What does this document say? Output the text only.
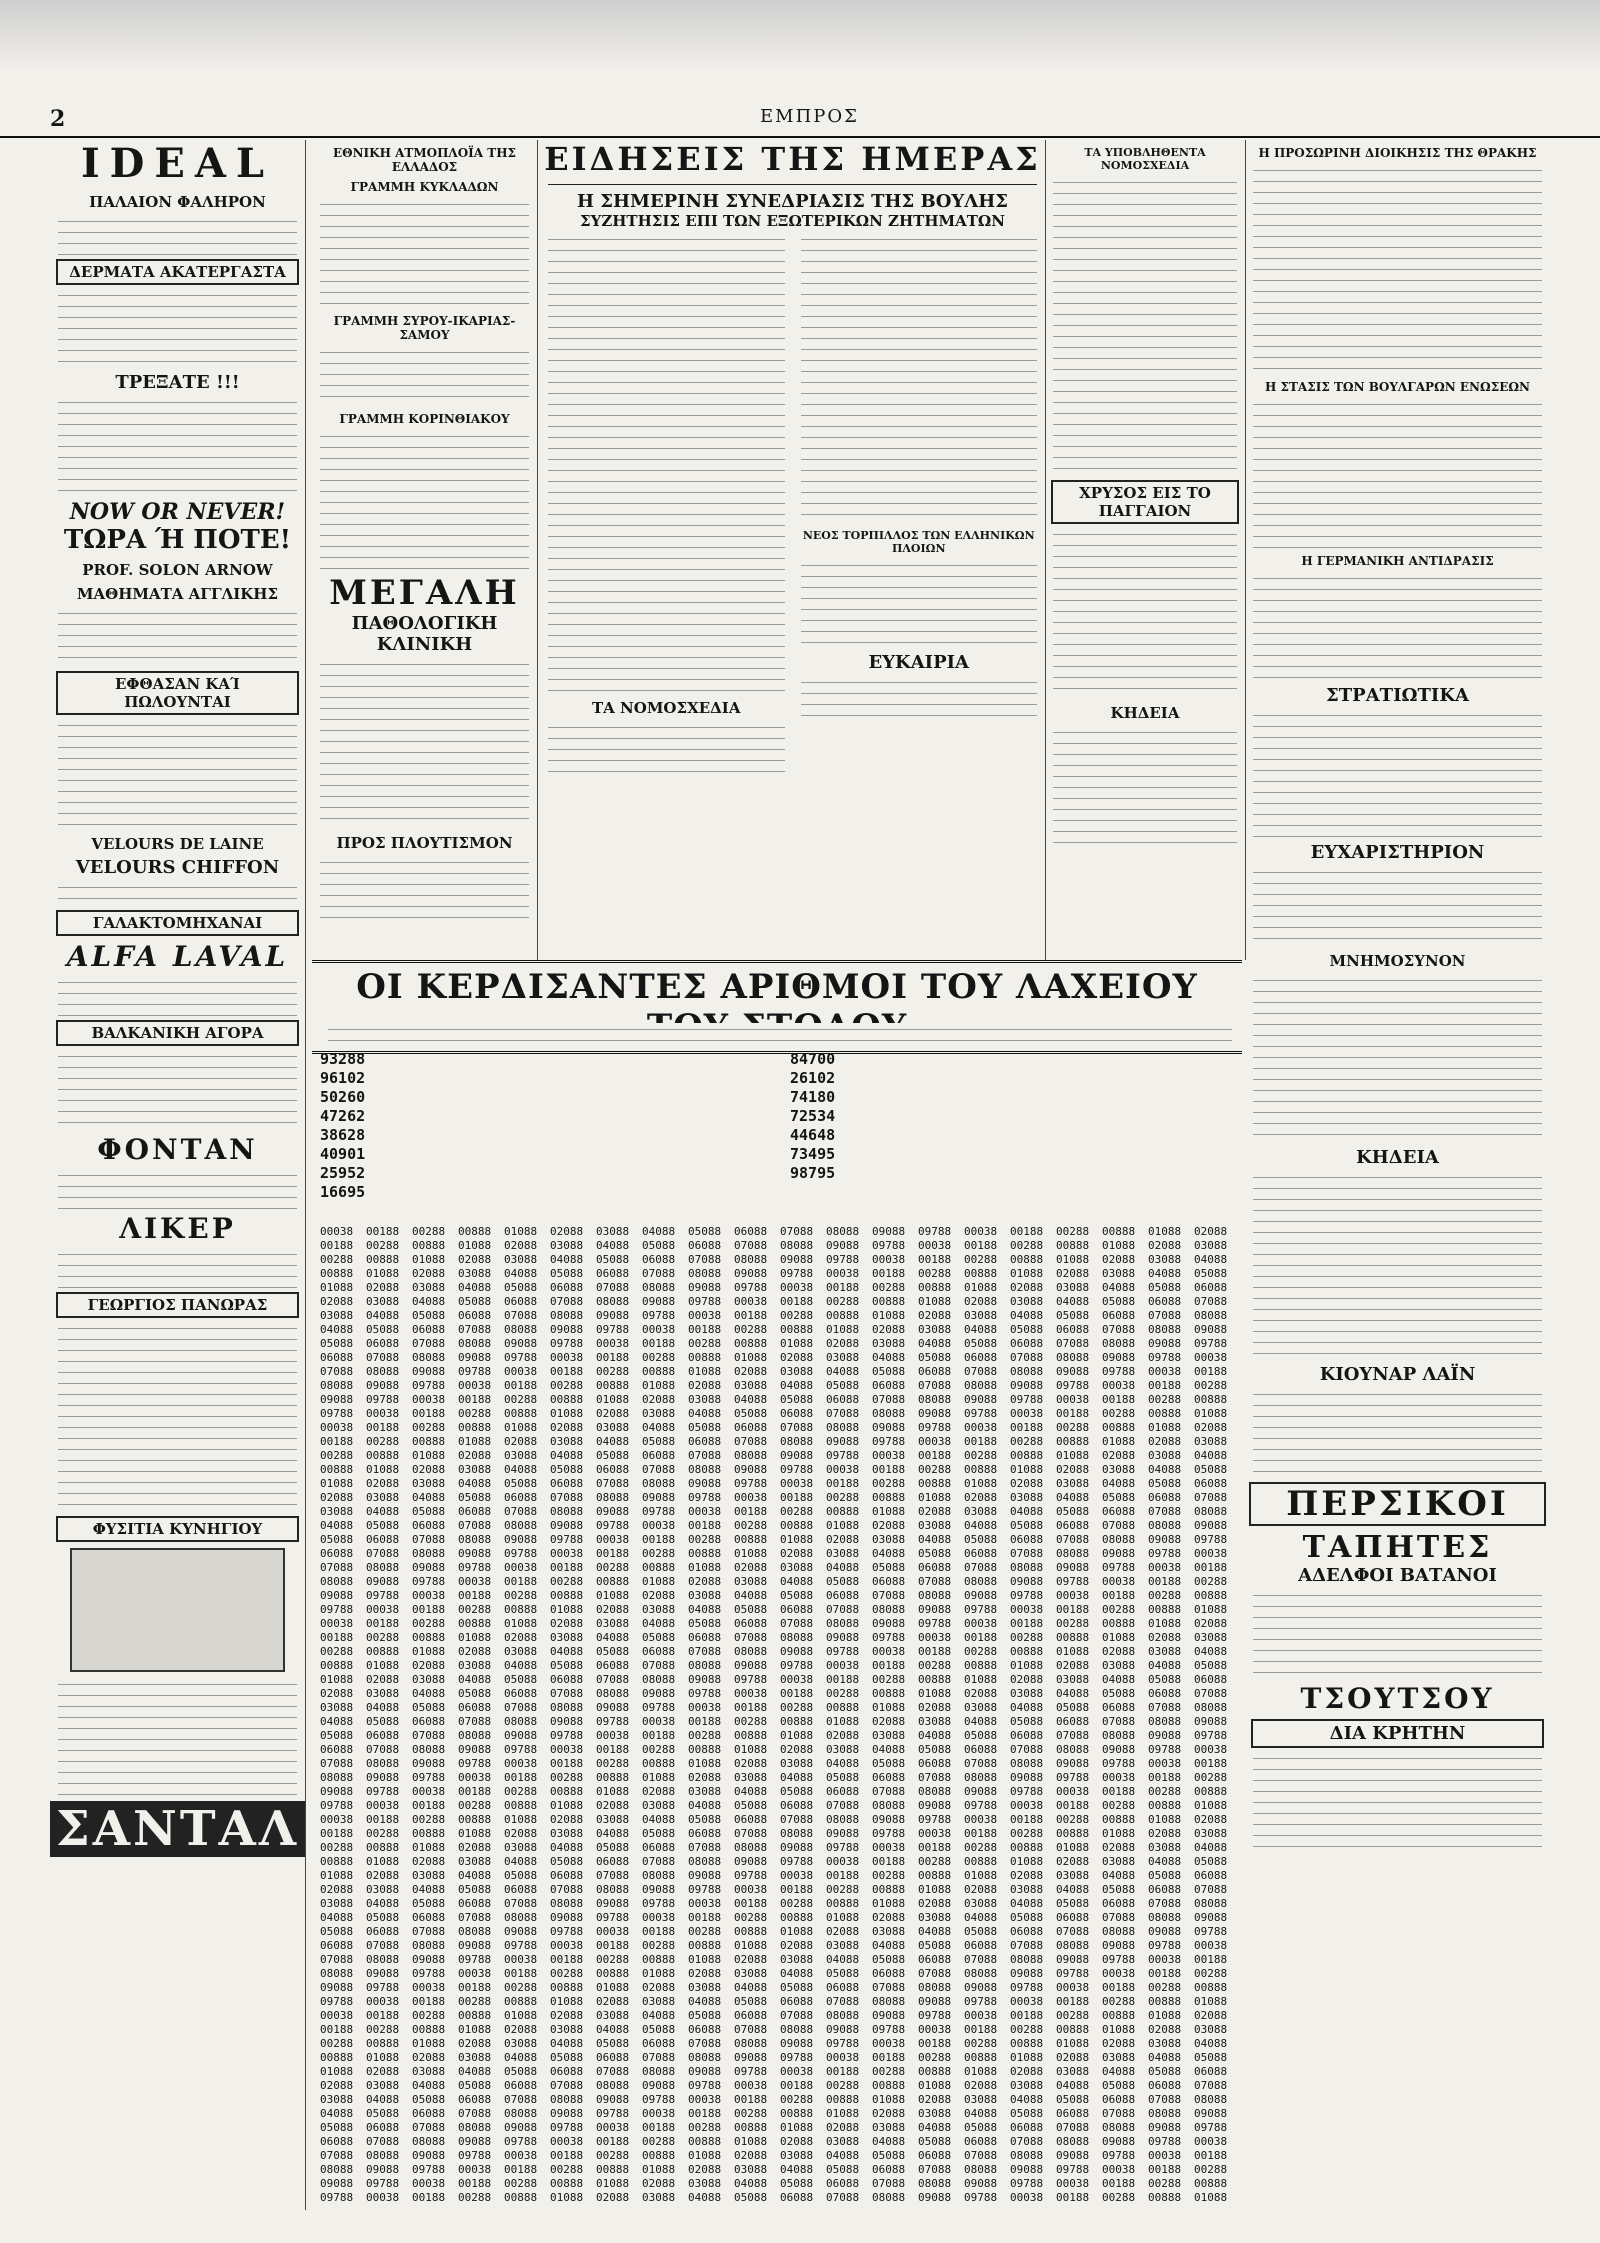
2	ΕΜΠΡΟΣ
IDEAL
ΠΑΛΑΙΟΝ ΦΑΛΗΡΟΝ
ΔΕΡΜΑΤΑ ΑΚΑΤΕΡΓΑΣΤΑ
ΤΡΕΞΑΤΕ !!!
NOW OR NEVER!
ΤΩΡΑ Ή ΠΟΤΕ!
PROF. SOLON ARNOW
ΜΑΘΗΜΑΤΑ ΑΓΓΛΙΚΗΣ
ΕΦΘΑΣΑΝ ΚΑΊ ΠΩΛΟΥΝΤΑΙ
VELOURS DE LAINE
VELOURS CHIFFON
ΓΑΛΑΚΤΟΜΗΧΑΝΑΙ
ALFA LAVAL
ΒΑΛΚΑΝΙΚΗ ΑΓΟΡΑ
ΦΟΝΤΑΝ
ΛΙΚΕΡ
ΓΕΩΡΓΙΟΣ ΠΑΝΩΡΑΣ
ΦΥΣΙΤΙΑ ΚΥΝΗΓΙΟΥ
ΣΑΝΤΑΛ
ΕΘΝΙΚΗ ΑΤΜΟΠΛΟΪΑ ΤΗΣ ΕΛΛΑΔΟΣ
ΓΡΑΜΜΗ ΚΥΚΛΑΔΩΝ
ΓΡΑΜΜΗ ΣΥΡΟΥ-ΙΚΑΡΙΑΣ-ΣΑΜΟΥ
ΓΡΑΜΜΗ ΚΟΡΙΝΘΙΑΚΟΥ
ΜΕΓΑΛΗ
ΠΑΘΟΛΟΓΙΚΗ ΚΛΙΝΙΚΗ
ΠΡΟΣ ΠΛΟΥΤΙΣΜΟΝ
ΕΙΔΗΣΕΙΣ ΤΗΣ ΗΜΕΡΑΣ
Η ΣΗΜΕΡΙΝΗ ΣΥΝΕΔΡΙΑΣΙΣ ΤΗΣ ΒΟΥΛΗΣ
ΣΥΖΗΤΗΣΙΣ ΕΠΙ ΤΩΝ ΕΞΩΤΕΡΙΚΩΝ ΖΗΤΗΜΑΤΩΝ
ΤΑ ΝΟΜΟΣΧΕΔΙΑ
ΝΕΟΣ ΤΟΡΠΙΛΛΟΣ ΤΩΝ ΕΛΛΗΝΙΚΩΝ ΠΛΟΙΩΝ
ΕΥΚΑΙΡΙΑ
ΤΑ ΥΠΟΒΛΗΘΕΝΤΑ ΝΟΜΟΣΧΕΔΙΑ
ΧΡΥΣΟΣ ΕΙΣ ΤΟ ΠΑΓΓΑΙΟΝ
ΚΗΔΕΙΑ
Η ΠΡΟΣΩΡΙΝΗ ΔΙΟΙΚΗΣΙΣ ΤΗΣ ΘΡΑΚΗΣ
Η ΣΤΑΣΙΣ ΤΩΝ ΒΟΥΛΓΑΡΩΝ ΕΝΩΣΕΩΝ
Η ΓΕΡΜΑΝΙΚΗ ΑΝΤΙΔΡΑΣΙΣ
ΣΤΡΑΤΙΩΤΙΚΑ
ΕΥΧΑΡΙΣΤΗΡΙΟΝ
ΜΝΗΜΟΣΥΝΟΝ
ΚΗΔΕΙΑ
ΚΙΟΥΝΑΡ ΛΑΪΝ
ΠΕΡΣΙΚΟΙ
ΤΑΠΗΤΕΣ
ΑΔΕΛΦΟΙ ΒΑΤΑΝΟΙ
ΤΣΟΥΤΣΟΥ
ΔΙΑ ΚΡΗΤΗΝ
ΟΙ ΚΕΡΔΙΣΑΝΤΕΣ ΑΡΙΘΜΟΙ ΤΟΥ ΛΑΧΕΙΟΥ
93288
96102
50260
47262
38628
40901
25952
16695
84700
26102
74180
72534
44648
73495
98795
00038
00188
00288
00888
01088
02088
03088
04088
05088
06088
07088
08088
09088
09788
00038
00188
00288
00888
01088
02088
03088
04088
05088
06088
07088
08088
09088
09788
00038
00188
00288
00888
01088
02088
03088
04088
05088
06088
07088
08088
09088
09788
00038
00188
00288
00888
01088
02088
03088
04088
05088
06088
07088
08088
09088
09788
00038
00188
00288
00888
01088
02088
03088
04088
05088
06088
07088
08088
09088
09788
00188
00288
00888
01088
02088
03088
04088
05088
06088
07088
08088
09088
09788
00038
00188
00288
00888
01088
02088
03088
04088
05088
06088
07088
08088
09088
09788
00038
00188
00288
00888
01088
02088
03088
04088
05088
06088
07088
08088
09088
09788
00038
00188
00288
00888
01088
02088
03088
04088
05088
06088
07088
08088
09088
09788
00038
00188
00288
00888
01088
02088
03088
04088
05088
06088
07088
08088
09088
09788
00038
00288
00888
01088
02088
03088
04088
05088
06088
07088
08088
09088
09788
00038
00188
00288
00888
01088
02088
03088
04088
05088
06088
07088
08088
09088
09788
00038
00188
00288
00888
01088
02088
03088
04088
05088
06088
07088
08088
09088
09788
00038
00188
00288
00888
01088
02088
03088
04088
05088
06088
07088
08088
09088
09788
00038
00188
00288
00888
01088
02088
03088
04088
05088
06088
07088
08088
09088
09788
00038
00188
00888
01088
02088
03088
04088
05088
06088
07088
08088
09088
09788
00038
00188
00288
00888
01088
02088
03088
04088
05088
06088
07088
08088
09088
09788
00038
00188
00288
00888
01088
02088
03088
04088
05088
06088
07088
08088
09088
09788
00038
00188
00288
00888
01088
02088
03088
04088
05088
06088
07088
08088
09088
09788
00038
00188
00288
00888
01088
02088
03088
04088
05088
06088
07088
08088
09088
09788
00038
00188
00288
01088
02088
03088
04088
05088
06088
07088
08088
09088
09788
00038
00188
00288
00888
01088
02088
03088
04088
05088
06088
07088
08088
09088
09788
00038
00188
00288
00888
01088
02088
03088
04088
05088
06088
07088
08088
09088
09788
00038
00188
00288
00888
01088
02088
03088
04088
05088
06088
07088
08088
09088
09788
00038
00188
00288
00888
01088
02088
03088
04088
05088
06088
07088
08088
09088
09788
00038
00188
00288
00888
02088
03088
04088
05088
06088
07088
08088
09088
09788
00038
00188
00288
00888
01088
02088
03088
04088
05088
06088
07088
08088
09088
09788
00038
00188
00288
00888
01088
02088
03088
04088
05088
06088
07088
08088
09088
09788
00038
00188
00288
00888
01088
02088
03088
04088
05088
06088
07088
08088
09088
09788
00038
00188
00288
00888
01088
02088
03088
04088
05088
06088
07088
08088
09088
09788
00038
00188
00288
00888
01088
03088
04088
05088
06088
07088
08088
09088
09788
00038
00188
00288
00888
01088
02088
03088
04088
05088
06088
07088
08088
09088
09788
00038
00188
00288
00888
01088
02088
03088
04088
05088
06088
07088
08088
09088
09788
00038
00188
00288
00888
01088
02088
03088
04088
05088
06088
07088
08088
09088
09788
00038
00188
00288
00888
01088
02088
03088
04088
05088
06088
07088
08088
09088
09788
00038
00188
00288
00888
01088
02088
04088
05088
06088
07088
08088
09088
09788
00038
00188
00288
00888
01088
02088
03088
04088
05088
06088
07088
08088
09088
09788
00038
00188
00288
00888
01088
02088
03088
04088
05088
06088
07088
08088
09088
09788
00038
00188
00288
00888
01088
02088
03088
04088
05088
06088
07088
08088
09088
09788
00038
00188
00288
00888
01088
02088
03088
04088
05088
06088
07088
08088
09088
09788
00038
00188
00288
00888
01088
02088
03088
05088
06088
07088
08088
09088
09788
00038
00188
00288
00888
01088
02088
03088
04088
05088
06088
07088
08088
09088
09788
00038
00188
00288
00888
01088
02088
03088
04088
05088
06088
07088
08088
09088
09788
00038
00188
00288
00888
01088
02088
03088
04088
05088
06088
07088
08088
09088
09788
00038
00188
00288
00888
01088
02088
03088
04088
05088
06088
07088
08088
09088
09788
00038
00188
00288
00888
01088
02088
03088
04088
06088
07088
08088
09088
09788
00038
00188
00288
00888
01088
02088
03088
04088
05088
06088
07088
08088
09088
09788
00038
00188
00288
00888
01088
02088
03088
04088
05088
06088
07088
08088
09088
09788
00038
00188
00288
00888
01088
02088
03088
04088
05088
06088
07088
08088
09088
09788
00038
00188
00288
00888
01088
02088
03088
04088
05088
06088
07088
08088
09088
09788
00038
00188
00288
00888
01088
02088
03088
04088
05088
07088
08088
09088
09788
00038
00188
00288
00888
01088
02088
03088
04088
05088
06088
07088
08088
09088
09788
00038
00188
00288
00888
01088
02088
03088
04088
05088
06088
07088
08088
09088
09788
00038
00188
00288
00888
01088
02088
03088
04088
05088
06088
07088
08088
09088
09788
00038
00188
00288
00888
01088
02088
03088
04088
05088
06088
07088
08088
09088
09788
00038
00188
00288
00888
01088
02088
03088
04088
05088
06088
08088
09088
09788
00038
00188
00288
00888
01088
02088
03088
04088
05088
06088
07088
08088
09088
09788
00038
00188
00288
00888
01088
02088
03088
04088
05088
06088
07088
08088
09088
09788
00038
00188
00288
00888
01088
02088
03088
04088
05088
06088
07088
08088
09088
09788
00038
00188
00288
00888
01088
02088
03088
04088
05088
06088
07088
08088
09088
09788
00038
00188
00288
00888
01088
02088
03088
04088
05088
06088
07088
09088
09788
00038
00188
00288
00888
01088
02088
03088
04088
05088
06088
07088
08088
09088
09788
00038
00188
00288
00888
01088
02088
03088
04088
05088
06088
07088
08088
09088
09788
00038
00188
00288
00888
01088
02088
03088
04088
05088
06088
07088
08088
09088
09788
00038
00188
00288
00888
01088
02088
03088
04088
05088
06088
07088
08088
09088
09788
00038
00188
00288
00888
01088
02088
03088
04088
05088
06088
07088
08088
09788
00038
00188
00288
00888
01088
02088
03088
04088
05088
06088
07088
08088
09088
09788
00038
00188
00288
00888
01088
02088
03088
04088
05088
06088
07088
08088
09088
09788
00038
00188
00288
00888
01088
02088
03088
04088
05088
06088
07088
08088
09088
09788
00038
00188
00288
00888
01088
02088
03088
04088
05088
06088
07088
08088
09088
09788
00038
00188
00288
00888
01088
02088
03088
04088
05088
06088
07088
08088
09088
00038
00188
00288
00888
01088
02088
03088
04088
05088
06088
07088
08088
09088
09788
00038
00188
00288
00888
01088
02088
03088
04088
05088
06088
07088
08088
09088
09788
00038
00188
00288
00888
01088
02088
03088
04088
05088
06088
07088
08088
09088
09788
00038
00188
00288
00888
01088
02088
03088
04088
05088
06088
07088
08088
09088
09788
00038
00188
00288
00888
01088
02088
03088
04088
05088
06088
07088
08088
09088
09788
00188
00288
00888
01088
02088
03088
04088
05088
06088
07088
08088
09088
09788
00038
00188
00288
00888
01088
02088
03088
04088
05088
06088
07088
08088
09088
09788
00038
00188
00288
00888
01088
02088
03088
04088
05088
06088
07088
08088
09088
09788
00038
00188
00288
00888
01088
02088
03088
04088
05088
06088
07088
08088
09088
09788
00038
00188
00288
00888
01088
02088
03088
04088
05088
06088
07088
08088
09088
09788
00038
00288
00888
01088
02088
03088
04088
05088
06088
07088
08088
09088
09788
00038
00188
00288
00888
01088
02088
03088
04088
05088
06088
07088
08088
09088
09788
00038
00188
00288
00888
01088
02088
03088
04088
05088
06088
07088
08088
09088
09788
00038
00188
00288
00888
01088
02088
03088
04088
05088
06088
07088
08088
09088
09788
00038
00188
00288
00888
01088
02088
03088
04088
05088
06088
07088
08088
09088
09788
00038
00188
00888
01088
02088
03088
04088
05088
06088
07088
08088
09088
09788
00038
00188
00288
00888
01088
02088
03088
04088
05088
06088
07088
08088
09088
09788
00038
00188
00288
00888
01088
02088
03088
04088
05088
06088
07088
08088
09088
09788
00038
00188
00288
00888
01088
02088
03088
04088
05088
06088
07088
08088
09088
09788
00038
00188
00288
00888
01088
02088
03088
04088
05088
06088
07088
08088
09088
09788
00038
00188
00288
01088
02088
03088
04088
05088
06088
07088
08088
09088
09788
00038
00188
00288
00888
01088
02088
03088
04088
05088
06088
07088
08088
09088
09788
00038
00188
00288
00888
01088
02088
03088
04088
05088
06088
07088
08088
09088
09788
00038
00188
00288
00888
01088
02088
03088
04088
05088
06088
07088
08088
09088
09788
00038
00188
00288
00888
01088
02088
03088
04088
05088
06088
07088
08088
09088
09788
00038
00188
00288
00888
02088
03088
04088
05088
06088
07088
08088
09088
09788
00038
00188
00288
00888
01088
02088
03088
04088
05088
06088
07088
08088
09088
09788
00038
00188
00288
00888
01088
02088
03088
04088
05088
06088
07088
08088
09088
09788
00038
00188
00288
00888
01088
02088
03088
04088
05088
06088
07088
08088
09088
09788
00038
00188
00288
00888
01088
02088
03088
04088
05088
06088
07088
08088
09088
09788
00038
00188
00288
00888
01088
